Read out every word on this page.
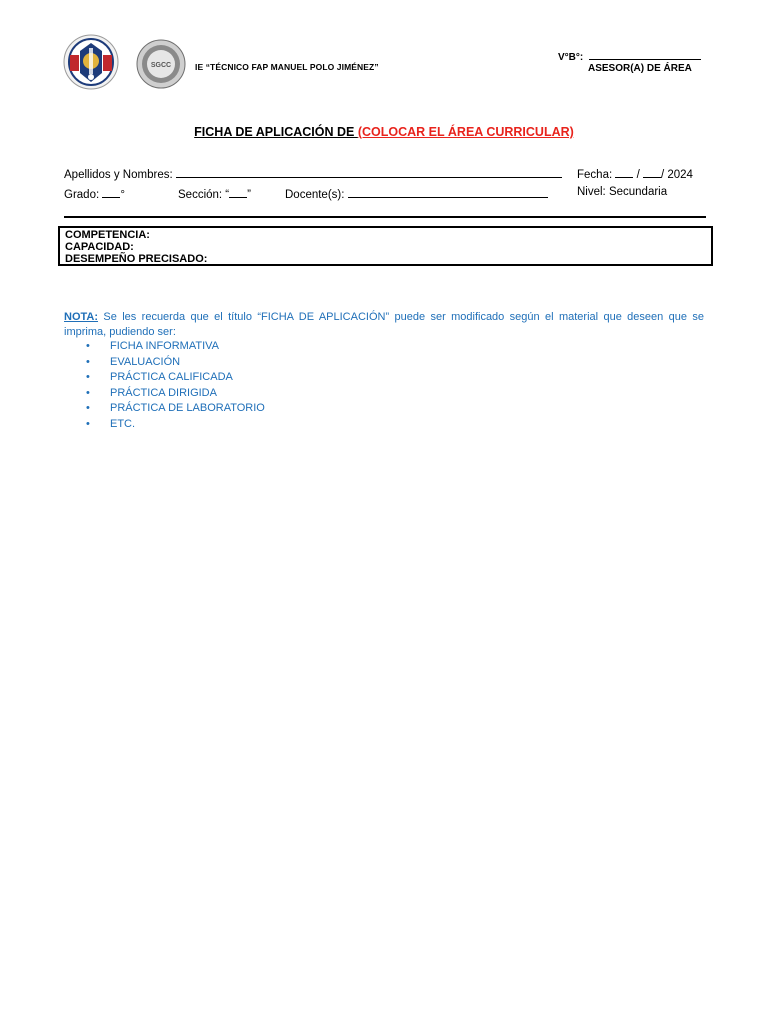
SGCC	IE “TÉCNICO FAP MANUEL POLO JIMÉNEZ”
V°B°:
ASESOR(A) DE ÁREA
FICHA DE APLICACIÓN DE (COLOCAR EL ÁREA CURRICULAR)
Apellidos y Nombres:	Fecha: / / 2024
Grado: °	Sección: “ ”	Docente(s):	Nivel: Secundaria
COMPETENCIA:
CAPACIDAD:
DESEMPEÑO PRECISADO:
NOTA: Se les recuerda que el título “FICHA DE APLICACIÓN” puede ser modificado según el material que deseen que se imprima, pudiendo ser:
• FICHA INFORMATIVA
• EVALUACIÓN
• PRÁCTICA CALIFICADA
• PRÁCTICA DIRIGIDA
• PRÁCTICA DE LABORATORIO
• ETC.
